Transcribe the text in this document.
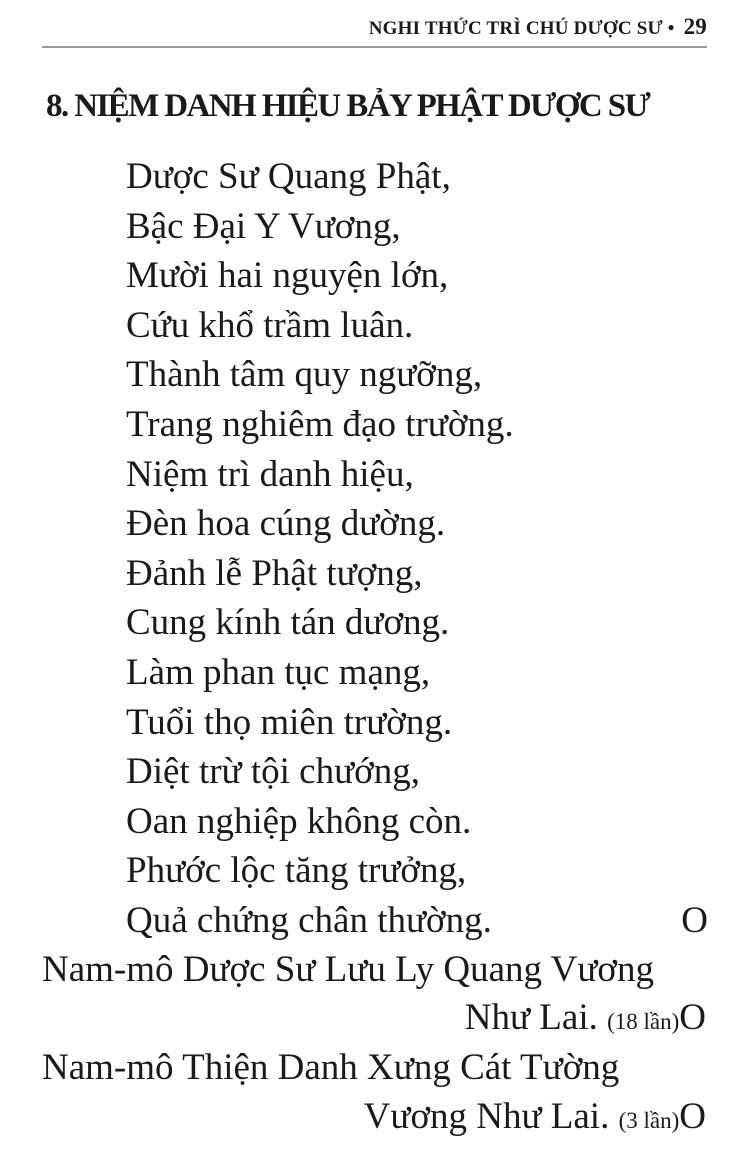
NGHI THỨC TRÌ CHÚ DƯỢC SƯ • 29
8. NIỆM DANH HIỆU BẢY PHẬT DƯỢC SƯ
Dược Sư Quang Phật,
Bậc Đại Y Vương,
Mười hai nguyện lớn,
Cứu khổ trầm luân.
Thành tâm quy ngưỡng,
Trang nghiêm đạo trường.
Niệm trì danh hiệu,
Đèn hoa cúng dường.
Đảnh lễ Phật tượng,
Cung kính tán dương.
Làm phan tục mạng,
Tuổi thọ miên trường.
Diệt trừ tội chướng,
Oan nghiệp không còn.
Phước lộc tăng trưởng,
Quả chứng chân thường.	O
Nam-mô Dược Sư Lưu Ly Quang Vương
Như Lai. (18 lần)O
Nam-mô Thiện Danh Xưng Cát Tường
Vương Như Lai. (3 lần)O
